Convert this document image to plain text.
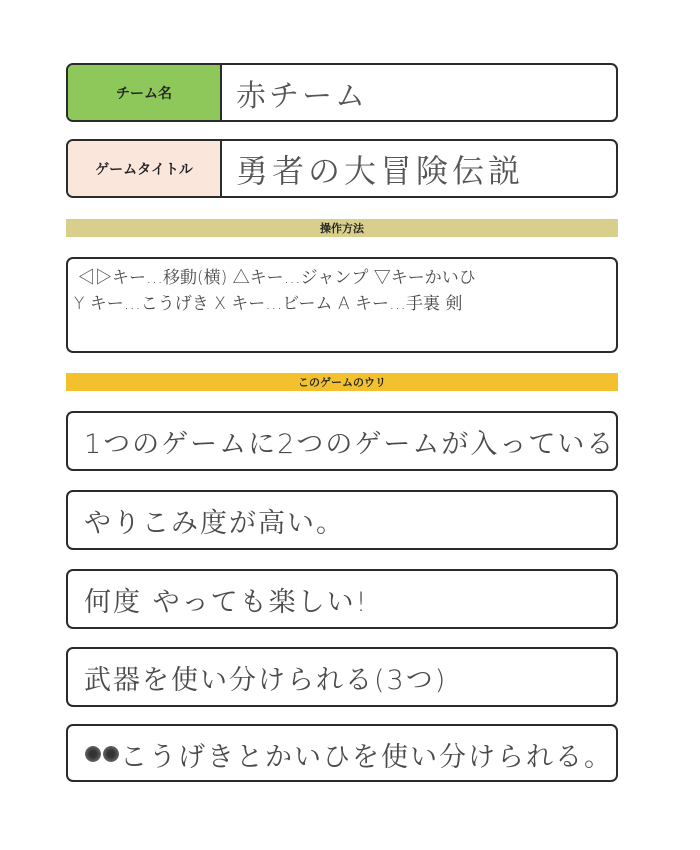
チーム名	赤チーム
ゲームタイトル	勇者の大冒険伝説
操作方法
◁▷キー…移動(横) △キー…ジャンプ ▽キーかいひ
Y キー…こうげき X キー…ビーム A キー…手裏 剣
このゲームのウリ
1つのゲームに2つのゲームが入っている
やりこみ度が高い。
何度 やっても楽しい!
武器を使い分けられる(3つ)
こうげきとかいひを使い分けられる。
